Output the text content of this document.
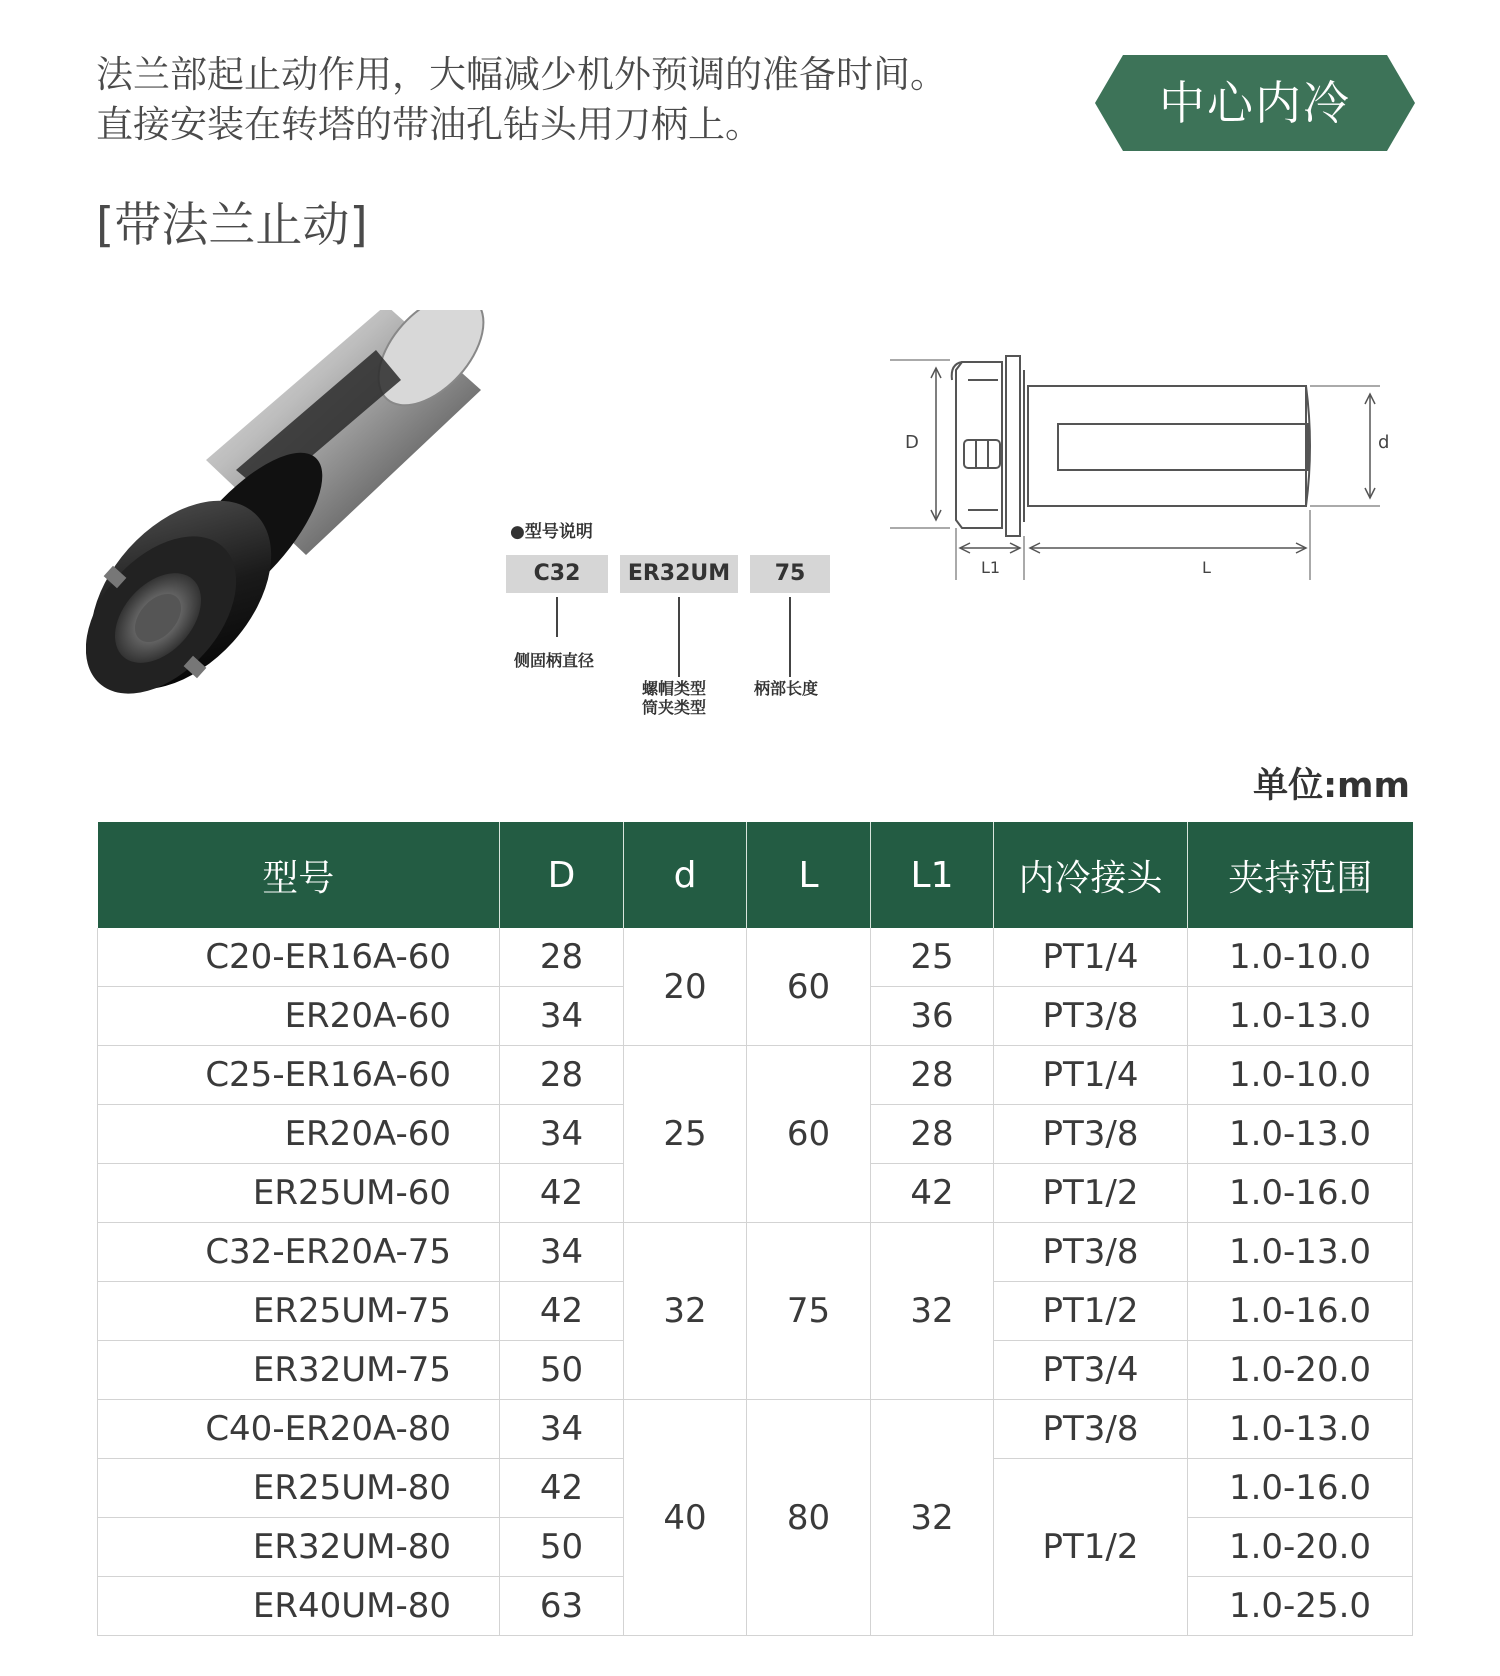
法兰部起止动作用，大幅减少机外预调的准备时间。
直接安装在转塔的带油孔钻头用刀柄上。	中心内冷
[带法兰止动]
●型号说明
C32	ER32UM	75
侧固柄直径
螺帽类型
筒夹类型
柄部长度
D	d
L1	L
单位:mm
型号	D	d	L	L1	内冷接头	夹持范围
C20-ER16A-60	28	20	60	25	PT1/4	1.0-10.0
ER20A-60	34			36	PT3/8	1.0-13.0
C25-ER16A-60	28	25	60	28	PT1/4	1.0-10.0
ER20A-60	34			28	PT3/8	1.0-13.0
ER25UM-60	42			42	PT1/2	1.0-16.0
C32-ER20A-75	34	32	75	32	PT3/8	1.0-13.0
ER25UM-75	42				PT1/2	1.0-16.0
ER32UM-75	50				PT3/4	1.0-20.0
C40-ER20A-80	34	40	80	32	PT3/8	1.0-13.0
ER25UM-80	42				PT1/2	1.0-16.0
ER32UM-80	50					1.0-20.0
ER40UM-80	63					1.0-25.0
